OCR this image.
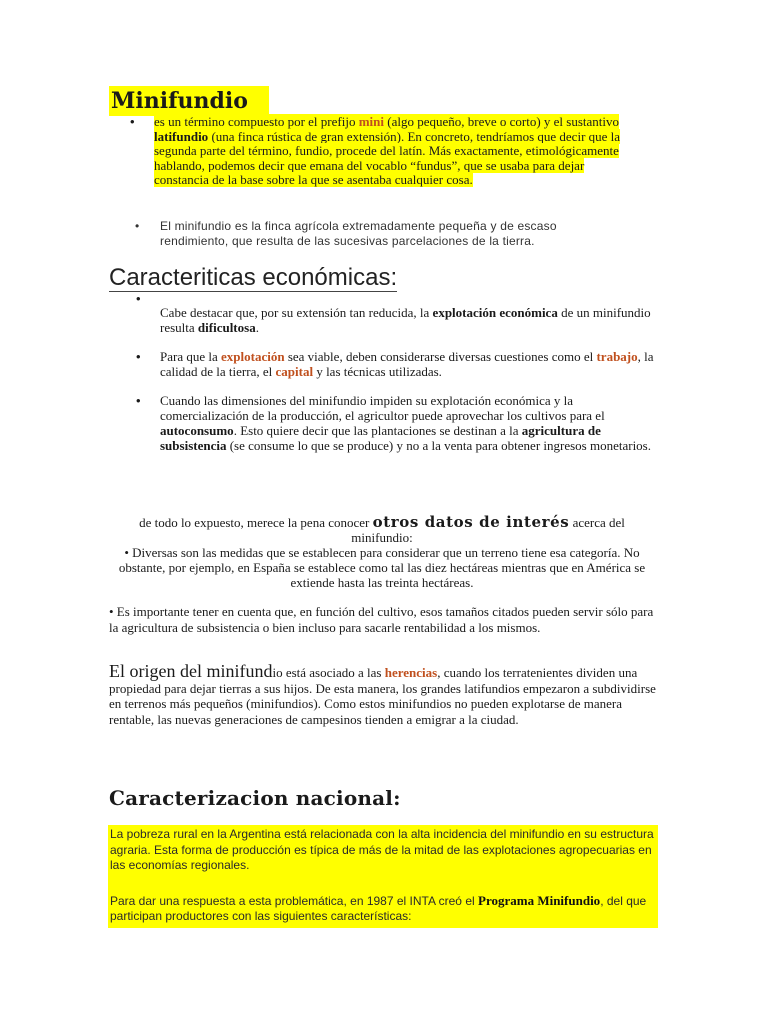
Minifundio
• es un término compuesto por el prefijo mini (algo pequeño, breve o corto) y el sustantivo latifundio (una finca rústica de gran extensión). En concreto, tendríamos que decir que la segunda parte del término, fundio, procede del latín. Más exactamente, etimológicamente hablando, podemos decir que emana del vocablo “fundus”, que se usaba para dejar constancia de la base sobre la que se asentaba cualquier cosa.
• El minifundio es la finca agrícola extremadamente pequeña y de escaso rendimiento, que resulta de las sucesivas parcelaciones de la tierra.
Caracteriticas económicas:
•
Cabe destacar que, por su extensión tan reducida, la explotación económica de un minifundio resulta dificultosa.
• Para que la explotación sea viable, deben considerarse diversas cuestiones como el trabajo, la calidad de la tierra, el capital y las técnicas utilizadas.
• Cuando las dimensiones del minifundio impiden su explotación económica y la comercialización de la producción, el agricultor puede aprovechar los cultivos para el autoconsumo. Esto quiere decir que las plantaciones se destinan a la agricultura de subsistencia (se consume lo que se produce) y no a la venta para obtener ingresos monetarios.
de todo lo expuesto, merece la pena conocer otros datos de interés acerca del minifundio:
• Diversas son las medidas que se establecen para considerar que un terreno tiene esa categoría. No obstante, por ejemplo, en España se establece como tal las diez hectáreas mientras que en América se extiende hasta las treinta hectáreas.
• Es importante tener en cuenta que, en función del cultivo, esos tamaños citados pueden servir sólo para la agricultura de subsistencia o bien incluso para sacarle rentabilidad a los mismos.
El origen del minifundio está asociado a las herencias, cuando los terratenientes dividen una propiedad para dejar tierras a sus hijos. De esta manera, los grandes latifundios empezaron a subdividirse en terrenos más pequeños (minifundios). Como estos minifundios no pueden explotarse de manera rentable, las nuevas generaciones de campesinos tienden a emigrar a la ciudad.
Caracterizacion nacional:

La pobreza rural en la Argentina está relacionada con la alta incidencia del minifundio en su estructura agraria. Esta forma de producción es típica de más de la mitad de las explotaciones agropecuarias en las economías regionales.

Para dar una respuesta a esta problemática, en 1987 el INTA creó el Programa Minifundio, del que participan productores con las siguientes características:
